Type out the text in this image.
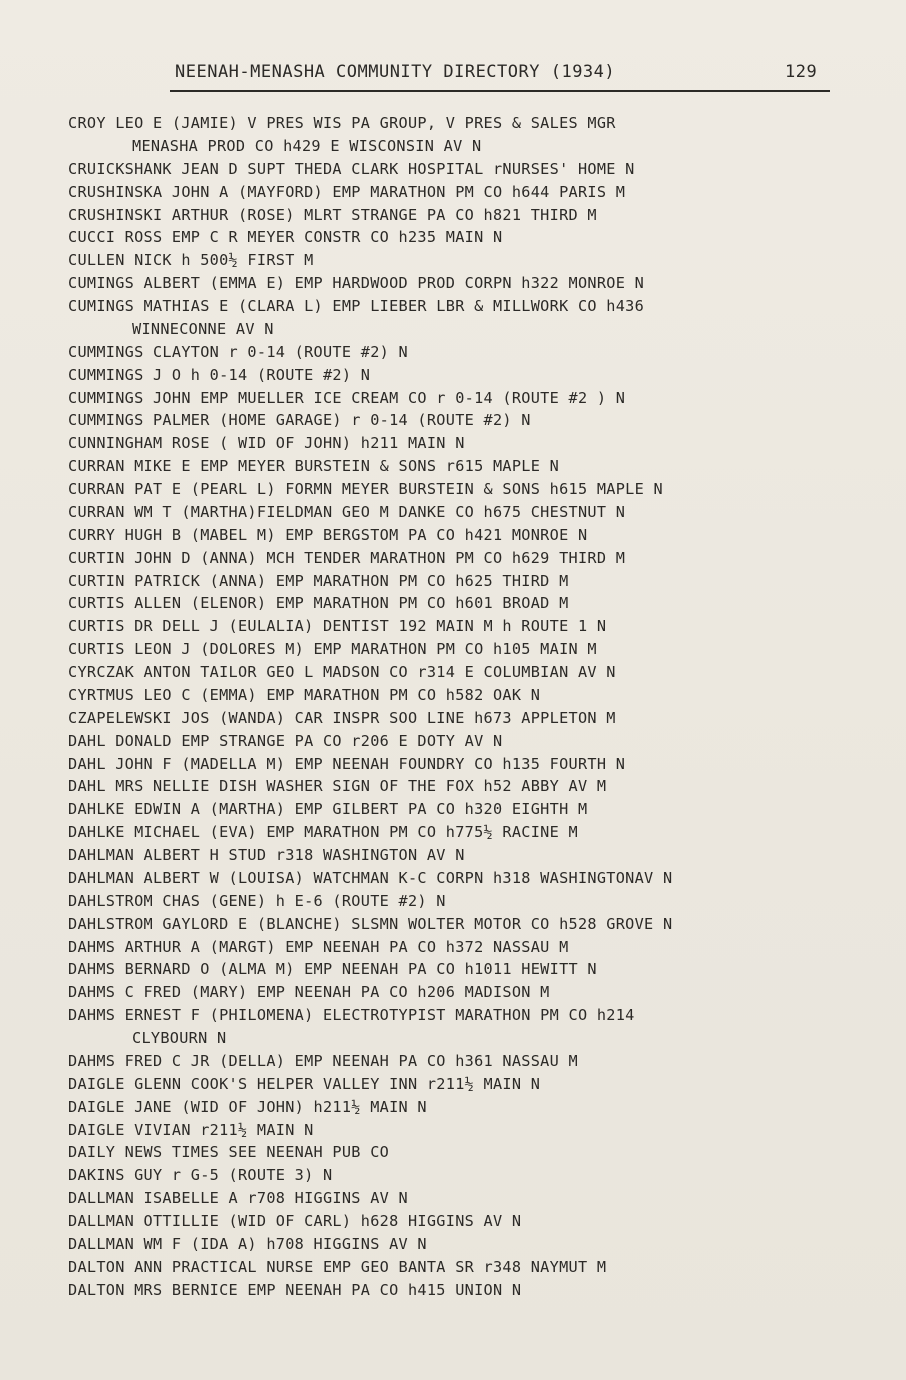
NEENAH-MENASHA COMMUNITY DIRECTORY (1934)	129
CROY LEO E (JAMIE) V PRES WIS PA GROUP, V PRES & SALES MGR
MENASHA PROD CO h429 E WISCONSIN AV N
CRUICKSHANK JEAN D SUPT THEDA CLARK HOSPITAL rNURSES' HOME N
CRUSHINSKA JOHN A (MAYFORD) EMP MARATHON PM CO h644 PARIS M
CRUSHINSKI ARTHUR (ROSE) MLRT STRANGE PA CO h821 THIRD M
CUCCI ROSS EMP C R MEYER CONSTR CO h235 MAIN N
CULLEN NICK h 500½ FIRST M
CUMINGS ALBERT (EMMA E) EMP HARDWOOD PROD CORPN h322 MONROE N
CUMINGS MATHIAS E (CLARA L) EMP LIEBER LBR & MILLWORK CO h436
WINNECONNE AV N
CUMMINGS CLAYTON r 0-14 (ROUTE #2) N
CUMMINGS J O h 0-14 (ROUTE #2) N
CUMMINGS JOHN EMP MUELLER ICE CREAM CO r 0-14 (ROUTE #2 ) N
CUMMINGS PALMER (HOME GARAGE) r 0-14 (ROUTE #2) N
CUNNINGHAM ROSE ( WID OF JOHN) h211 MAIN N
CURRAN MIKE E EMP MEYER BURSTEIN & SONS r615 MAPLE N
CURRAN PAT E (PEARL L) FORMN MEYER BURSTEIN & SONS h615 MAPLE N
CURRAN WM T (MARTHA)FIELDMAN GEO M DANKE CO h675 CHESTNUT N
CURRY HUGH B (MABEL M) EMP BERGSTOM PA CO h421 MONROE N
CURTIN JOHN D (ANNA) MCH TENDER MARATHON PM CO h629 THIRD M
CURTIN PATRICK (ANNA) EMP MARATHON PM CO h625 THIRD M
CURTIS ALLEN (ELENOR) EMP MARATHON PM CO h601 BROAD M
CURTIS DR DELL J (EULALIA) DENTIST 192 MAIN M h ROUTE 1 N
CURTIS LEON J (DOLORES M) EMP MARATHON PM CO h105 MAIN M
CYRCZAK ANTON TAILOR GEO L MADSON CO r314 E COLUMBIAN AV N
CYRTMUS LEO C (EMMA) EMP MARATHON PM CO h582 OAK N
CZAPELEWSKI JOS (WANDA) CAR INSPR SOO LINE h673 APPLETON M
DAHL DONALD EMP STRANGE PA CO r206 E DOTY AV N
DAHL JOHN F (MADELLA M) EMP NEENAH FOUNDRY CO h135 FOURTH N
DAHL MRS NELLIE DISH WASHER SIGN OF THE FOX h52 ABBY AV M
DAHLKE EDWIN A (MARTHA) EMP GILBERT PA CO h320 EIGHTH M
DAHLKE MICHAEL (EVA) EMP MARATHON PM CO h775½ RACINE M
DAHLMAN ALBERT H STUD r318 WASHINGTON AV N
DAHLMAN ALBERT W (LOUISA) WATCHMAN K-C CORPN h318 WASHINGTONAV N
DAHLSTROM CHAS (GENE) h E-6 (ROUTE #2) N
DAHLSTROM GAYLORD E (BLANCHE) SLSMN WOLTER MOTOR CO h528 GROVE N
DAHMS ARTHUR A (MARGT) EMP NEENAH PA CO h372 NASSAU M
DAHMS BERNARD O (ALMA M) EMP NEENAH PA CO h1011 HEWITT N
DAHMS C FRED (MARY) EMP NEENAH PA CO h206 MADISON M
DAHMS ERNEST F (PHILOMENA) ELECTROTYPIST MARATHON PM CO h214
CLYBOURN N
DAHMS FRED C JR (DELLA) EMP NEENAH PA CO h361 NASSAU M
DAIGLE GLENN COOK'S HELPER VALLEY INN r211½ MAIN N
DAIGLE JANE (WID OF JOHN) h211½ MAIN N
DAIGLE VIVIAN r211½ MAIN N
DAILY NEWS TIMES SEE NEENAH PUB CO
DAKINS GUY r G-5 (ROUTE 3) N
DALLMAN ISABELLE A r708 HIGGINS AV N
DALLMAN OTTILLIE (WID OF CARL) h628 HIGGINS AV N
DALLMAN WM F (IDA A) h708 HIGGINS AV N
DALTON ANN PRACTICAL NURSE EMP GEO BANTA SR r348 NAYMUT M
DALTON MRS BERNICE EMP NEENAH PA CO h415 UNION N
